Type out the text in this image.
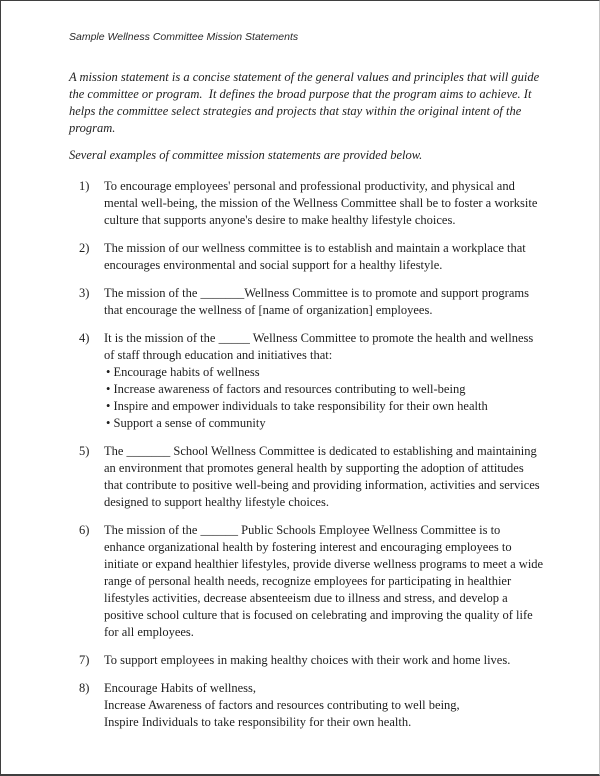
Sample Wellness Committee Mission Statements

A mission statement is a concise statement of the general values and principles that will guide the committee or program.  It defines the broad purpose that the program aims to achieve. It helps the committee select strategies and projects that stay within the original intent of the program.

Several examples of committee mission statements are provided below.

1)	To encourage employees' personal and professional productivity, and physical and mental well-being, the mission of the Wellness Committee shall be to foster a worksite culture that supports anyone's desire to make healthy lifestyle choices.
2)	The mission of our wellness committee is to establish and maintain a workplace that encourages environmental and social support for a healthy lifestyle.
3)	The mission of the _______Wellness Committee is to promote and support programs that encourage the wellness of [name of organization] employees.
4)	It is the mission of the _____ Wellness Committee to promote the health and wellness of staff through education and initiatives that:
• Encourage habits of wellness
• Increase awareness of factors and resources contributing to well-being
• Inspire and empower individuals to take responsibility for their own health
• Support a sense of community
5)	The _______ School Wellness Committee is dedicated to establishing and maintaining an environment that promotes general health by supporting the adoption of attitudes that contribute to positive well-being and providing information, activities and services designed to support healthy lifestyle choices.
6)	The mission of the ______ Public Schools Employee Wellness Committee is to enhance organizational health by fostering interest and encouraging employees to initiate or expand healthier lifestyles, provide diverse wellness programs to meet a wide range of personal health needs, recognize employees for participating in healthier lifestyles activities, decrease absenteeism due to illness and stress, and develop a positive school culture that is focused on celebrating and improving the quality of life for all employees.
7)	To support employees in making healthy choices with their work and home lives.
8)	Encourage Habits of wellness,
Increase Awareness of factors and resources contributing to well being,
Inspire Individuals to take responsibility for their own health.
